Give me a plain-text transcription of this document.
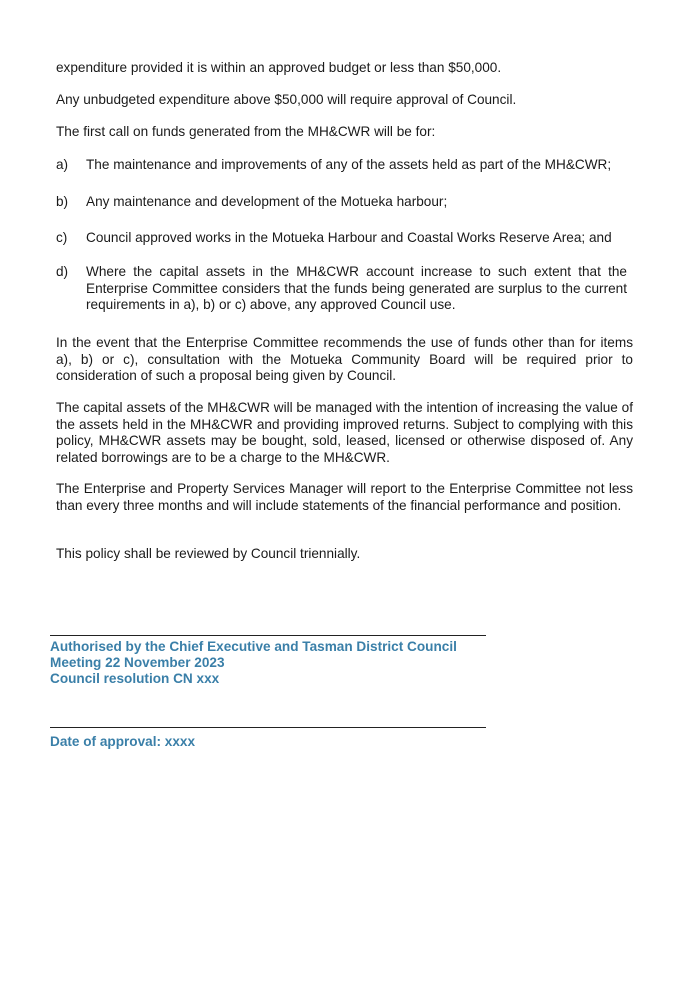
expenditure provided it is within an approved budget or less than $50,000.

Any unbudgeted expenditure above $50,000 will require approval of Council.

The first call on funds generated from the MH&CWR will be for:

a) The maintenance and improvements of any of the assets held as part of the MH&CWR;
b) Any maintenance and development of the Motueka harbour;
c) Council approved works in the Motueka Harbour and Coastal Works Reserve Area; and
d) Where the capital assets in the MH&CWR account increase to such extent that the Enterprise Committee considers that the funds being generated are surplus to the current requirements in a), b) or c) above, any approved Council use.

In the event that the Enterprise Committee recommends the use of funds other than for items a), b) or c), consultation with the Motueka Community Board will be required prior to consideration of such a proposal being given by Council.

The capital assets of the MH&CWR will be managed with the intention of increasing the value of the assets held in the MH&CWR and providing improved returns. Subject to complying with this policy, MH&CWR assets may be bought, sold, leased, licensed or otherwise disposed of. Any related borrowings are to be a charge to the MH&CWR.

The Enterprise and Property Services Manager will report to the Enterprise Committee not less than every three months and will include statements of the financial performance and position.

This policy shall be reviewed by Council triennially.

Authorised by the Chief Executive and Tasman District Council
Meeting 22 November 2023
Council resolution CN xxx
Date of approval: xxxx
